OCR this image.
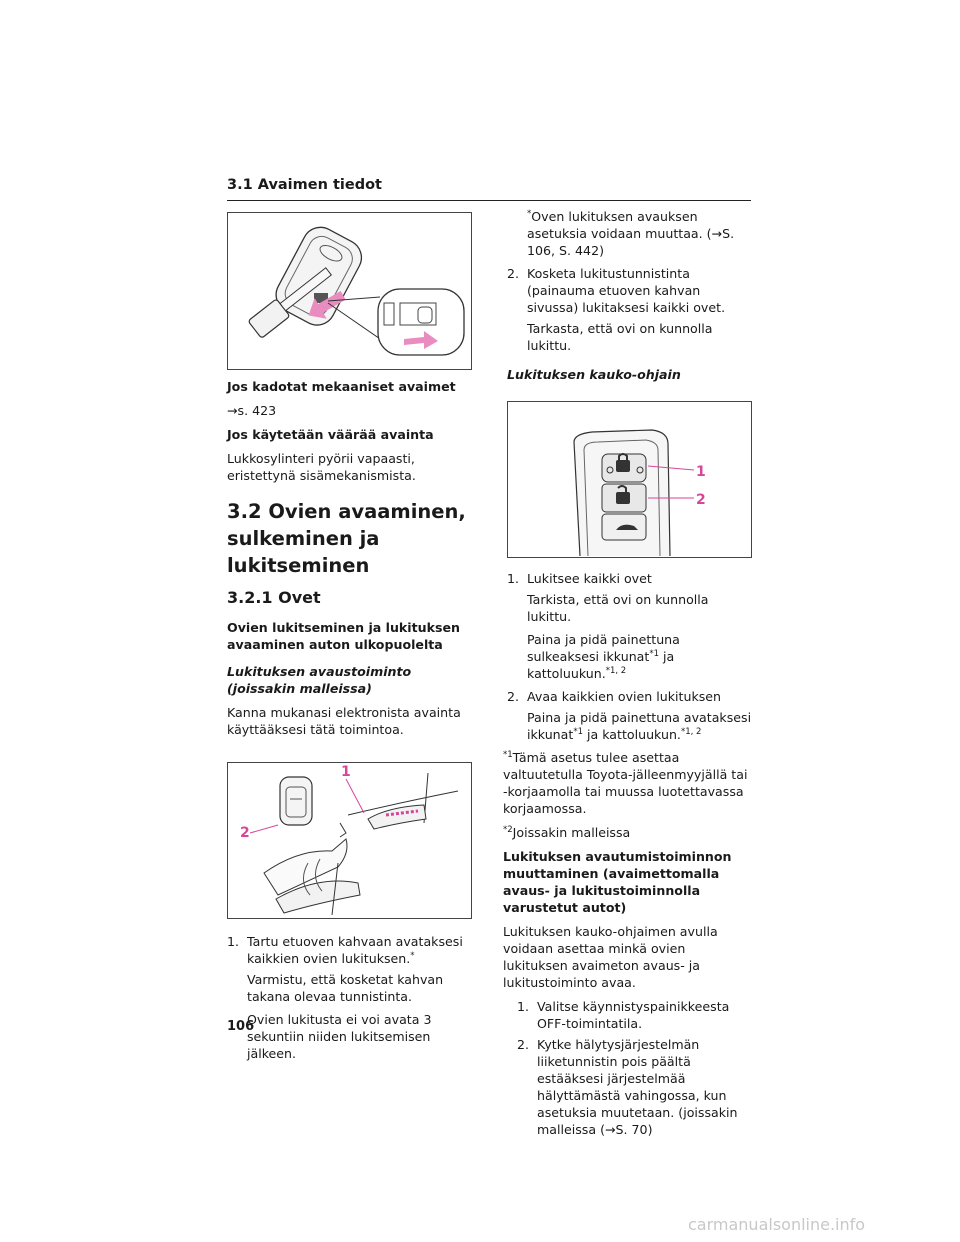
3.1 Avaimen tiedot
Jos kadotat mekaaniset avaimet

→s. 423

Jos käytetään väärää avainta

Lukkosylinteri pyörii vapaasti, eristettynä sisämekanismista.

3.2 Ovien avaaminen, sulkeminen ja lukitseminen
3.2.1 Ovet
Ovien lukitseminen ja lukituksen avaaminen auton ulkopuolelta
Lukituksen avaustoiminto (joissakin malleissa)

Kanna mukanasi elektronista avainta käyttääksesi tätä toimintoa.

1
2
1. Tartu etuoven kahvaan avataksesi kaikkien ovien lukituksen.*

Varmistu, että kosketat kahvan takana olevaa tunnistinta.

Ovien lukitusta ei voi avata 3 sekuntiin niiden lukitsemisen jälkeen.

*Oven lukituksen avauksen asetuksia voidaan muuttaa. (→S. 106, S. 442)

2. Kosketa lukitustunnistinta (painauma etuoven kahvan sivussa) lukitaksesi kaikki ovet.

Tarkasta, että ovi on kunnolla lukittu.

Lukituksen kauko-ohjain
1
2
1. Lukitsee kaikki ovet

Tarkista, että ovi on kunnolla lukittu.

Paina ja pidä painettuna sulkeaksesi ikkunat$^{*1}$ ja kattoluukun.$^{*1, 2}$

2. Avaa kaikkien ovien lukituksen

Paina ja pidä painettuna avataksesi ikkunat$^{*1}$ ja kattoluukun.$^{*1, 2}$

$^{*1}$Tämä asetus tulee asettaa valtuutetulla Toyota-jälleenmyyjällä tai -korjaamolla tai muussa luotettavassa korjaamossa.

$^{*2}$Joissakin malleissa

Lukituksen avautumistoiminnon muuttaminen (avaimettomalla avaus- ja lukitustoiminnolla varustetut autot)

Lukituksen kauko-ohjaimen avulla voidaan asettaa minkä ovien lukituksen avaimeton avaus- ja lukitustoiminto avaa.

1. Valitse käynnistyspainikkeesta OFF-toimintatila.
2. Kytke hälytysjärjestelmän liiketunnistin pois päältä estääksesi järjestelmää hälyttämästä vahingossa, kun asetuksia muutetaan. (joissakin malleissa (→S. 70)
106
carmanualsonline.info
